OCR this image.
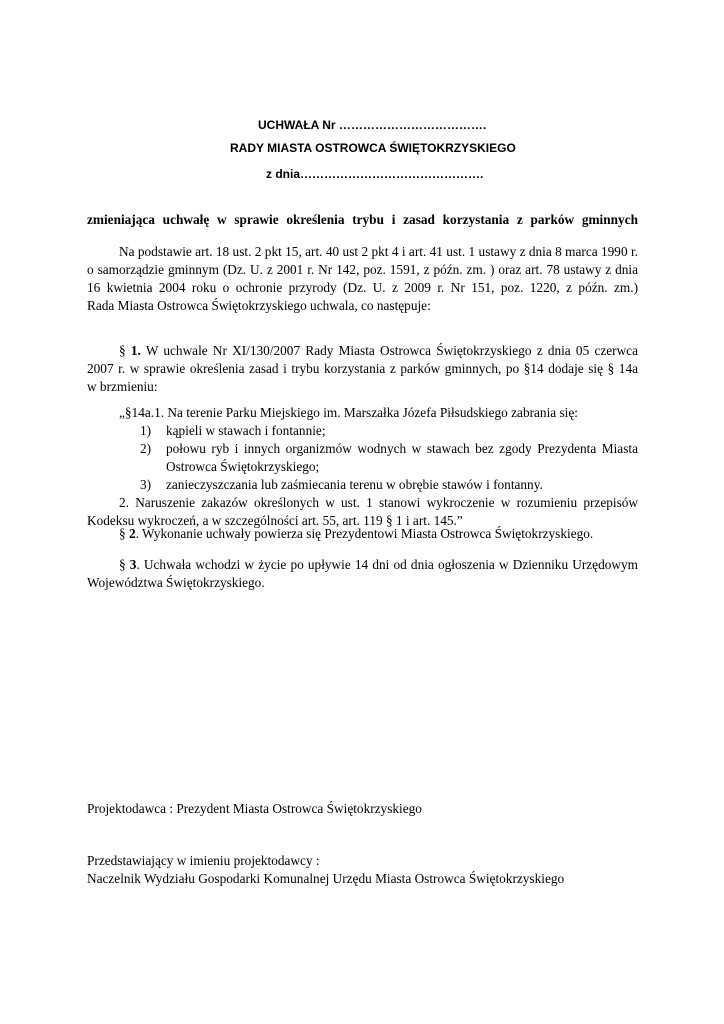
UCHWAŁA Nr ……………………………….
RADY MIASTA OSTROWCA ŚWIĘTOKRZYSKIEGO
z dnia……………………………………….
zmieniająca uchwałę w sprawie określenia trybu i zasad korzystania z parków gminnych
Na podstawie art. 18 ust. 2 pkt 15, art. 40 ust 2 pkt 4 i art. 41 ust. 1 ustawy z dnia 8 marca 1990 r.
o samorządzie gminnym (Dz. U. z 2001 r. Nr 142, poz. 1591, z późn. zm. ) oraz art. 78 ustawy z dnia
16 kwietnia 2004 roku o ochronie przyrody (Dz. U. z 2009 r. Nr 151, poz. 1220, z późn. zm.)
Rada Miasta Ostrowca Świętokrzyskiego uchwala, co następuje:
§ 1. W uchwale Nr XI/130/2007 Rady Miasta Ostrowca Świętokrzyskiego z dnia 05 czerwca
2007 r. w sprawie określenia zasad i trybu korzystania z parków gminnych, po §14 dodaje się § 14a
w brzmieniu:
„§14a.1. Na terenie Parku Miejskiego im. Marszałka Józefa Piłsudskiego zabrania się:
1)	kąpieli w stawach i fontannie;
2)	połowu ryb i innych organizmów wodnych w stawach bez zgody Prezydenta Miasta
Ostrowca Świętokrzyskiego;
3)	zanieczyszczania lub zaśmiecania terenu w obrębie stawów i fontanny.
2. Naruszenie zakazów określonych w ust. 1 stanowi wykroczenie w rozumieniu przepisów
Kodeksu wykroczeń, a w szczególności art. 55, art. 119 § 1 i art. 145.”
§ 2. Wykonanie uchwały powierza się Prezydentowi Miasta Ostrowca Świętokrzyskiego.
§ 3. Uchwała wchodzi w życie po upływie 14 dni od dnia ogłoszenia w Dzienniku Urzędowym
Województwa Świętokrzyskiego.
Projektodawca : Prezydent Miasta Ostrowca Świętokrzyskiego
Przedstawiający w imieniu projektodawcy :
Naczelnik Wydziału Gospodarki Komunalnej Urzędu Miasta Ostrowca Świętokrzyskiego
